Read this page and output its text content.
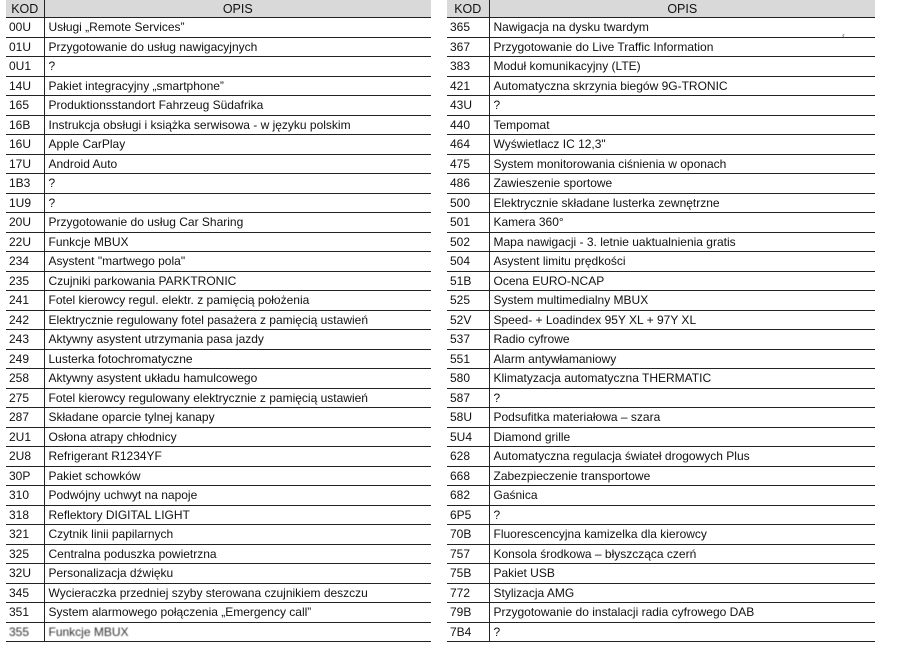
KOD	OPIS
00U	Usługi „Remote Services”
01U	Przygotowanie do usług nawigacyjnych
0U1	?
14U	Pakiet integracyjny „smartphone”
165	Produktionsstandort Fahrzeug Südafrika
16B	Instrukcja obsługi i książka serwisowa - w języku polskim
16U	Apple CarPlay
17U	Android Auto
1B3	?
1U9	?
20U	Przygotowanie do usług Car Sharing
22U	Funkcje MBUX
234	Asystent "martwego pola"
235	Czujniki parkowania PARKTRONIC
241	Fotel kierowcy regul. elektr. z pamięcią położenia
242	Elektrycznie regulowany fotel pasażera z pamięcią ustawień
243	Aktywny asystent utrzymania pasa jazdy
249	Lusterka fotochromatyczne
258	Aktywny asystent układu hamulcowego
275	Fotel kierowcy regulowany elektrycznie z pamięcią ustawień
287	Składane oparcie tylnej kanapy
2U1	Osłona atrapy chłodnicy
2U8	Refrigerant R1234YF
30P	Pakiet schowków
310	Podwójny uchwyt na napoje
318	Reflektory DIGITAL LIGHT
321	Czytnik linii papilarnych
325	Centralna poduszka powietrzna
32U	Personalizacja dźwięku
345	Wycieraczka przedniej szyby sterowana czujnikiem deszczu
351	System alarmowego połączenia „Emergency call”
355	Funkcje MBUX
KOD	OPIS
365	Nawigacja na dysku twardym
367	Przygotowanie do Live Traffic Information
383	Moduł komunikacyjny (LTE)
421	Automatyczna skrzynia biegów 9G-TRONIC
43U	?
440	Tempomat
464	Wyświetlacz IC 12,3"
475	System monitorowania ciśnienia w oponach
486	Zawieszenie sportowe
500	Elektrycznie składane lusterka zewnętrzne
501	Kamera 360°
502	Mapa nawigacji - 3. letnie uaktualnienia gratis
504	Asystent limitu prędkości
51B	Ocena EURO-NCAP
525	System multimedialny MBUX
52V	Speed- + Loadindex 95Y XL + 97Y XL
537	Radio cyfrowe
551	Alarm antywłamaniowy
580	Klimatyzacja automatyczna THERMATIC
587	?
58U	Podsufitka materiałowa – szara
5U4	Diamond grille
628	Automatyczna regulacja świateł drogowych Plus
668	Zabezpieczenie transportowe
682	Gaśnica
6P5	?
70B	Fluorescencyjna kamizelka dla kierowcy
757	Konsola środkowa – błyszcząca czerń
75B	Pakiet USB
772	Stylizacja AMG
79B	Przygotowanie do instalacji radia cyfrowego DAB
7B4	?
‹
